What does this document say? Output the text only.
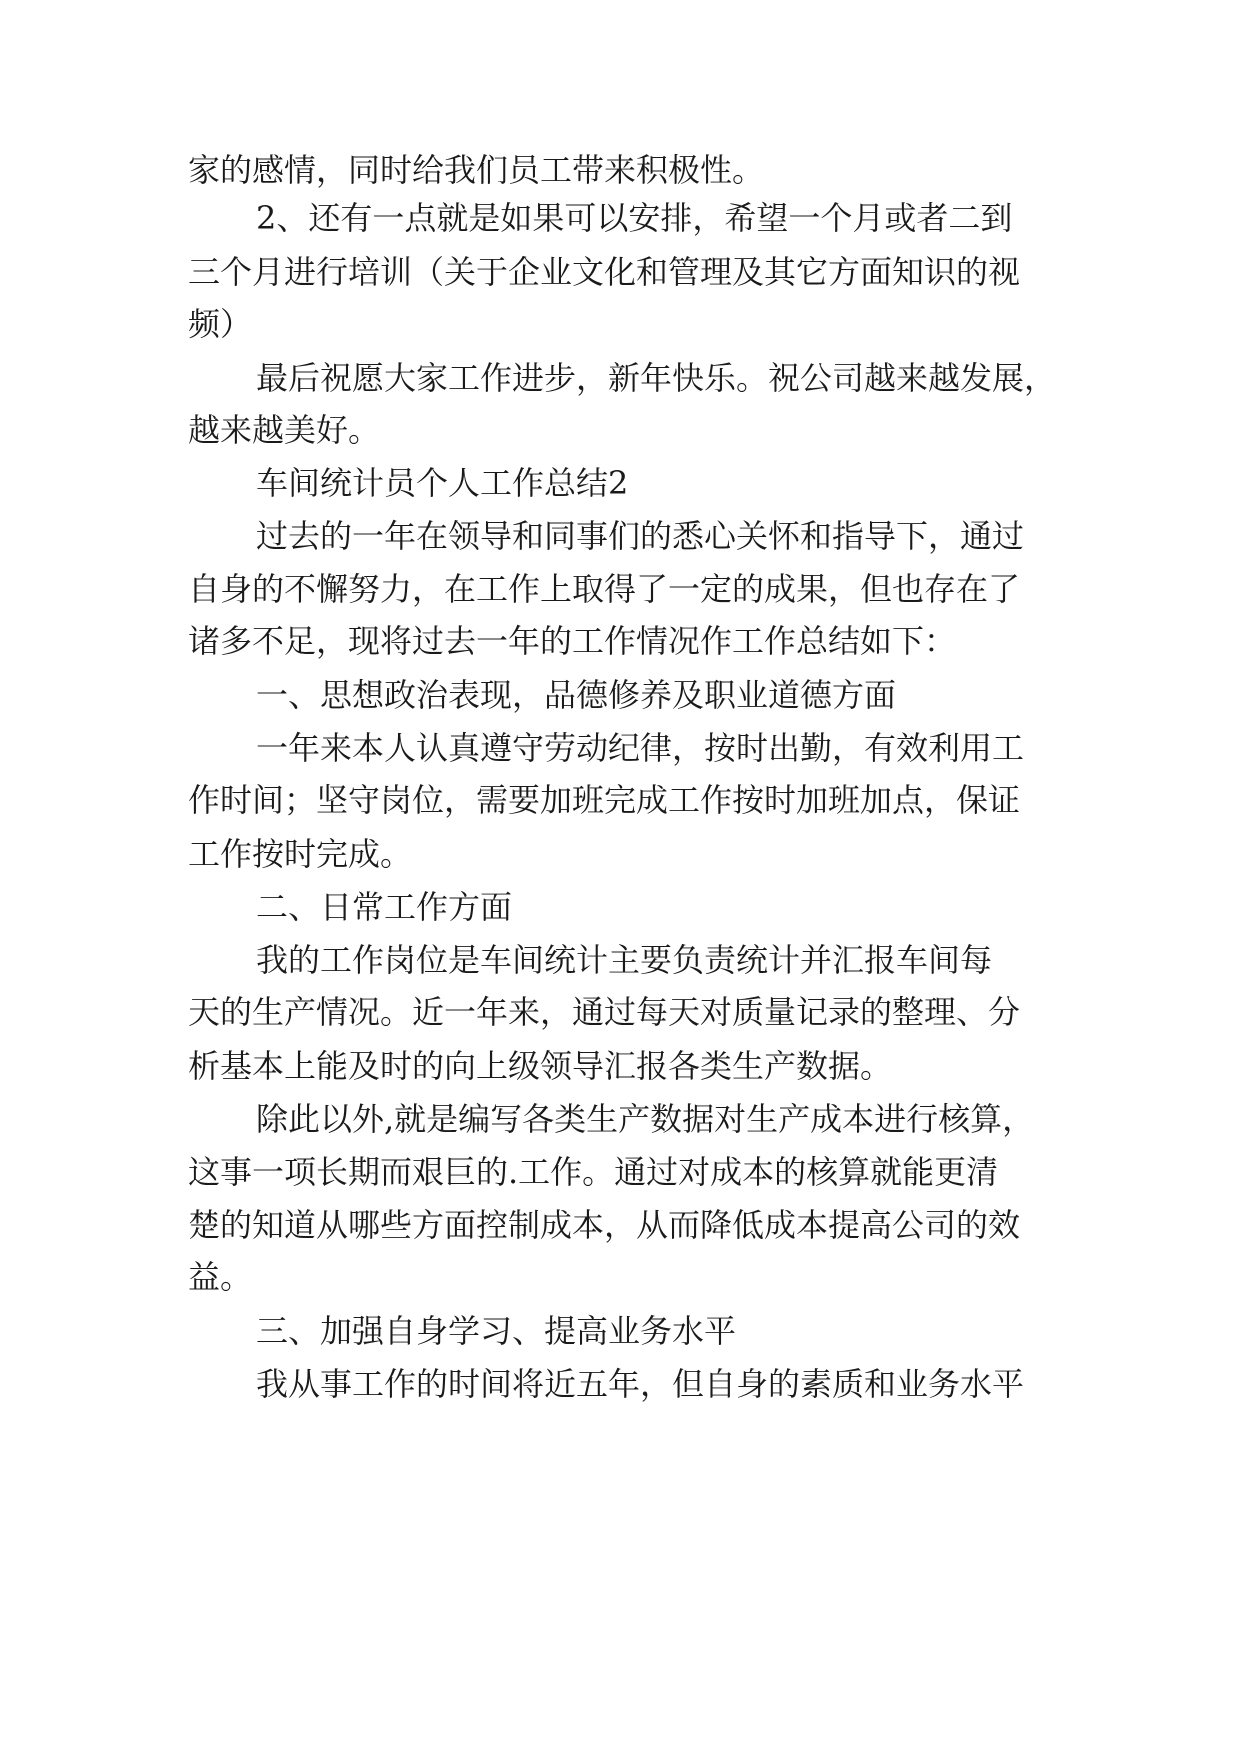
家的感情，同时给我们员工带来积极性。
2、还有一点就是如果可以安排，希望一个月或者二到
三个月进行培训（关于企业文化和管理及其它方面知识的视
频）
最后祝愿大家工作进步，新年快乐。祝公司越来越发展，
越来越美好。
车间统计员个人工作总结2
过去的一年在领导和同事们的悉心关怀和指导下，通过
自身的不懈努力，在工作上取得了一定的成果，但也存在了
诸多不足，现将过去一年的工作情况作工作总结如下：
一、思想政治表现，品德修养及职业道德方面
一年来本人认真遵守劳动纪律，按时出勤，有效利用工
作时间；坚守岗位，需要加班完成工作按时加班加点，保证
工作按时完成。
二、日常工作方面
我的工作岗位是车间统计主要负责统计并汇报车间每
天的生产情况。近一年来，通过每天对质量记录的整理、分
析基本上能及时的向上级领导汇报各类生产数据。
除此以外,就是编写各类生产数据对生产成本进行核算，
这事一项长期而艰巨的.工作。通过对成本的核算就能更清
楚的知道从哪些方面控制成本，从而降低成本提高公司的效
益。
三、加强自身学习、提高业务水平
我从事工作的时间将近五年，但自身的素质和业务水平
